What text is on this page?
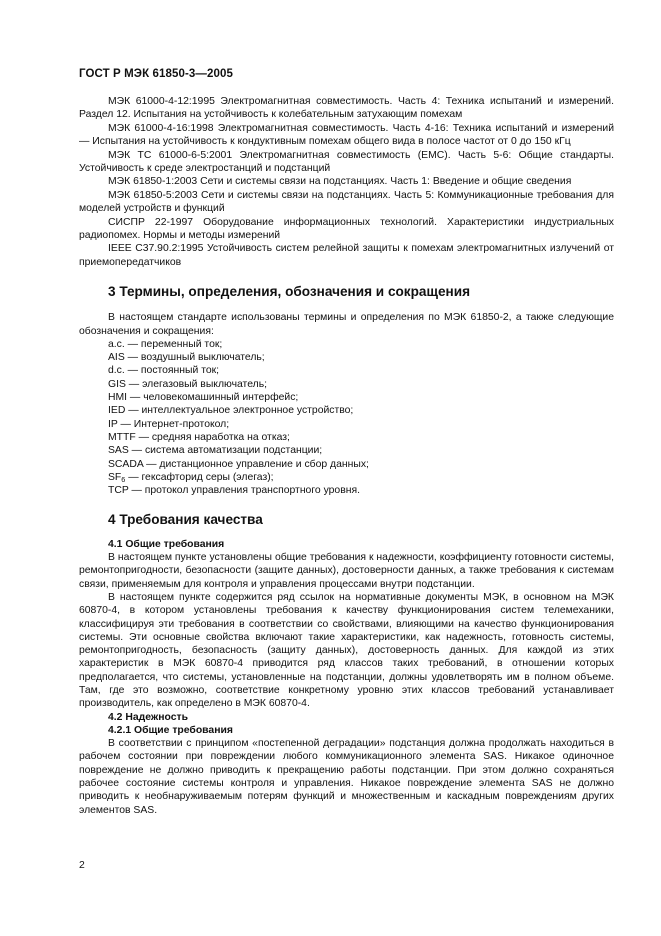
ГОСТ Р МЭК 61850-3—2005

МЭК 61000-4-12:1995 Электромагнитная совместимость. Часть 4: Техника испытаний и измерений. Раздел 12. Испытания на устойчивость к колебательным затухающим помехам

МЭК 61000-4-16:1998 Электромагнитная совместимость. Часть 4-16: Техника испытаний и измерений — Испытания на устойчивость к кондуктивным помехам общего вида в полосе частот от 0 до 150 кГц

МЭК ТС 61000-6-5:2001 Электромагнитная совместимость (ЕМС). Часть 5-6: Общие стандарты. Устойчивость к среде электростанций и подстанций

МЭК 61850-1:2003 Сети и системы связи на подстанциях. Часть 1: Введение и общие сведения

МЭК 61850-5:2003 Сети и системы связи на подстанциях. Часть 5: Коммуникационные требования для моделей устройств и функций

СИСПР 22-1997 Оборудование информационных технологий. Характеристики индустриальных радиопомех. Нормы и методы измерений

IEEE С37.90.2:1995 Устойчивость систем релейной защиты к помехам электромагнитных излучений от приемопередатчиков

3 Термины, определения, обозначения и сокращения

В настоящем стандарте использованы термины и определения по МЭК 61850-2, а также следующие обозначения и сокращения:

a.c. — переменный ток;

AIS — воздушный выключатель;

d.c. — постоянный ток;

GIS — элегазовый выключатель;

HMI — человекомашинный интерфейс;

IED — интеллектуальное электронное устройство;

IP — Интернет-протокол;

MTTF — средняя наработка на отказ;

SAS — система автоматизации подстанции;

SCADA — дистанционное управление и сбор данных;

$SF_6$ — гексафторид серы (элегаз);

TCP — протокол управления транспортного уровня.

4 Требования качества

4.1 Общие требования

В настоящем пункте установлены общие требования к надежности, коэффициенту готовности системы, ремонтопригодности, безопасности (защите данных), достоверности данных, а также требования к системам связи, применяемым для контроля и управления процессами внутри подстанции.

В настоящем пункте содержится ряд ссылок на нормативные документы МЭК, в основном на МЭК 60870-4, в котором установлены требования к качеству функционирования систем телемеханики, классифицируя эти требования в соответствии со свойствами, влияющими на качество функционирования системы. Эти основные свойства включают такие характеристики, как надежность, готовность системы, ремонтопригодность, безопасность (защиту данных), достоверность данных. Для каждой из этих характеристик в МЭК 60870-4 приводится ряд классов таких требований, в отношении которых предполагается, что системы, установленные на подстанции, должны удовлетворять им в полном объеме. Там, где это возможно, соответствие конкретному уровню этих классов требований устанавливает производитель, как определено в МЭК 60870-4.

4.2 Надежность

4.2.1 Общие требования

В соответствии с принципом «постепенной деградации» подстанция должна продолжать находиться в рабочем состоянии при повреждении любого коммуникационного элемента SAS. Никакое одиночное повреждение не должно приводить к прекращению работы подстанции. При этом должно сохраняться рабочее состояние системы контроля и управления. Никакое повреждение элемента SAS не должно приводить к необнаруживаемым потерям функций и множественным и каскадным повреждениям других элементов SAS.

2
